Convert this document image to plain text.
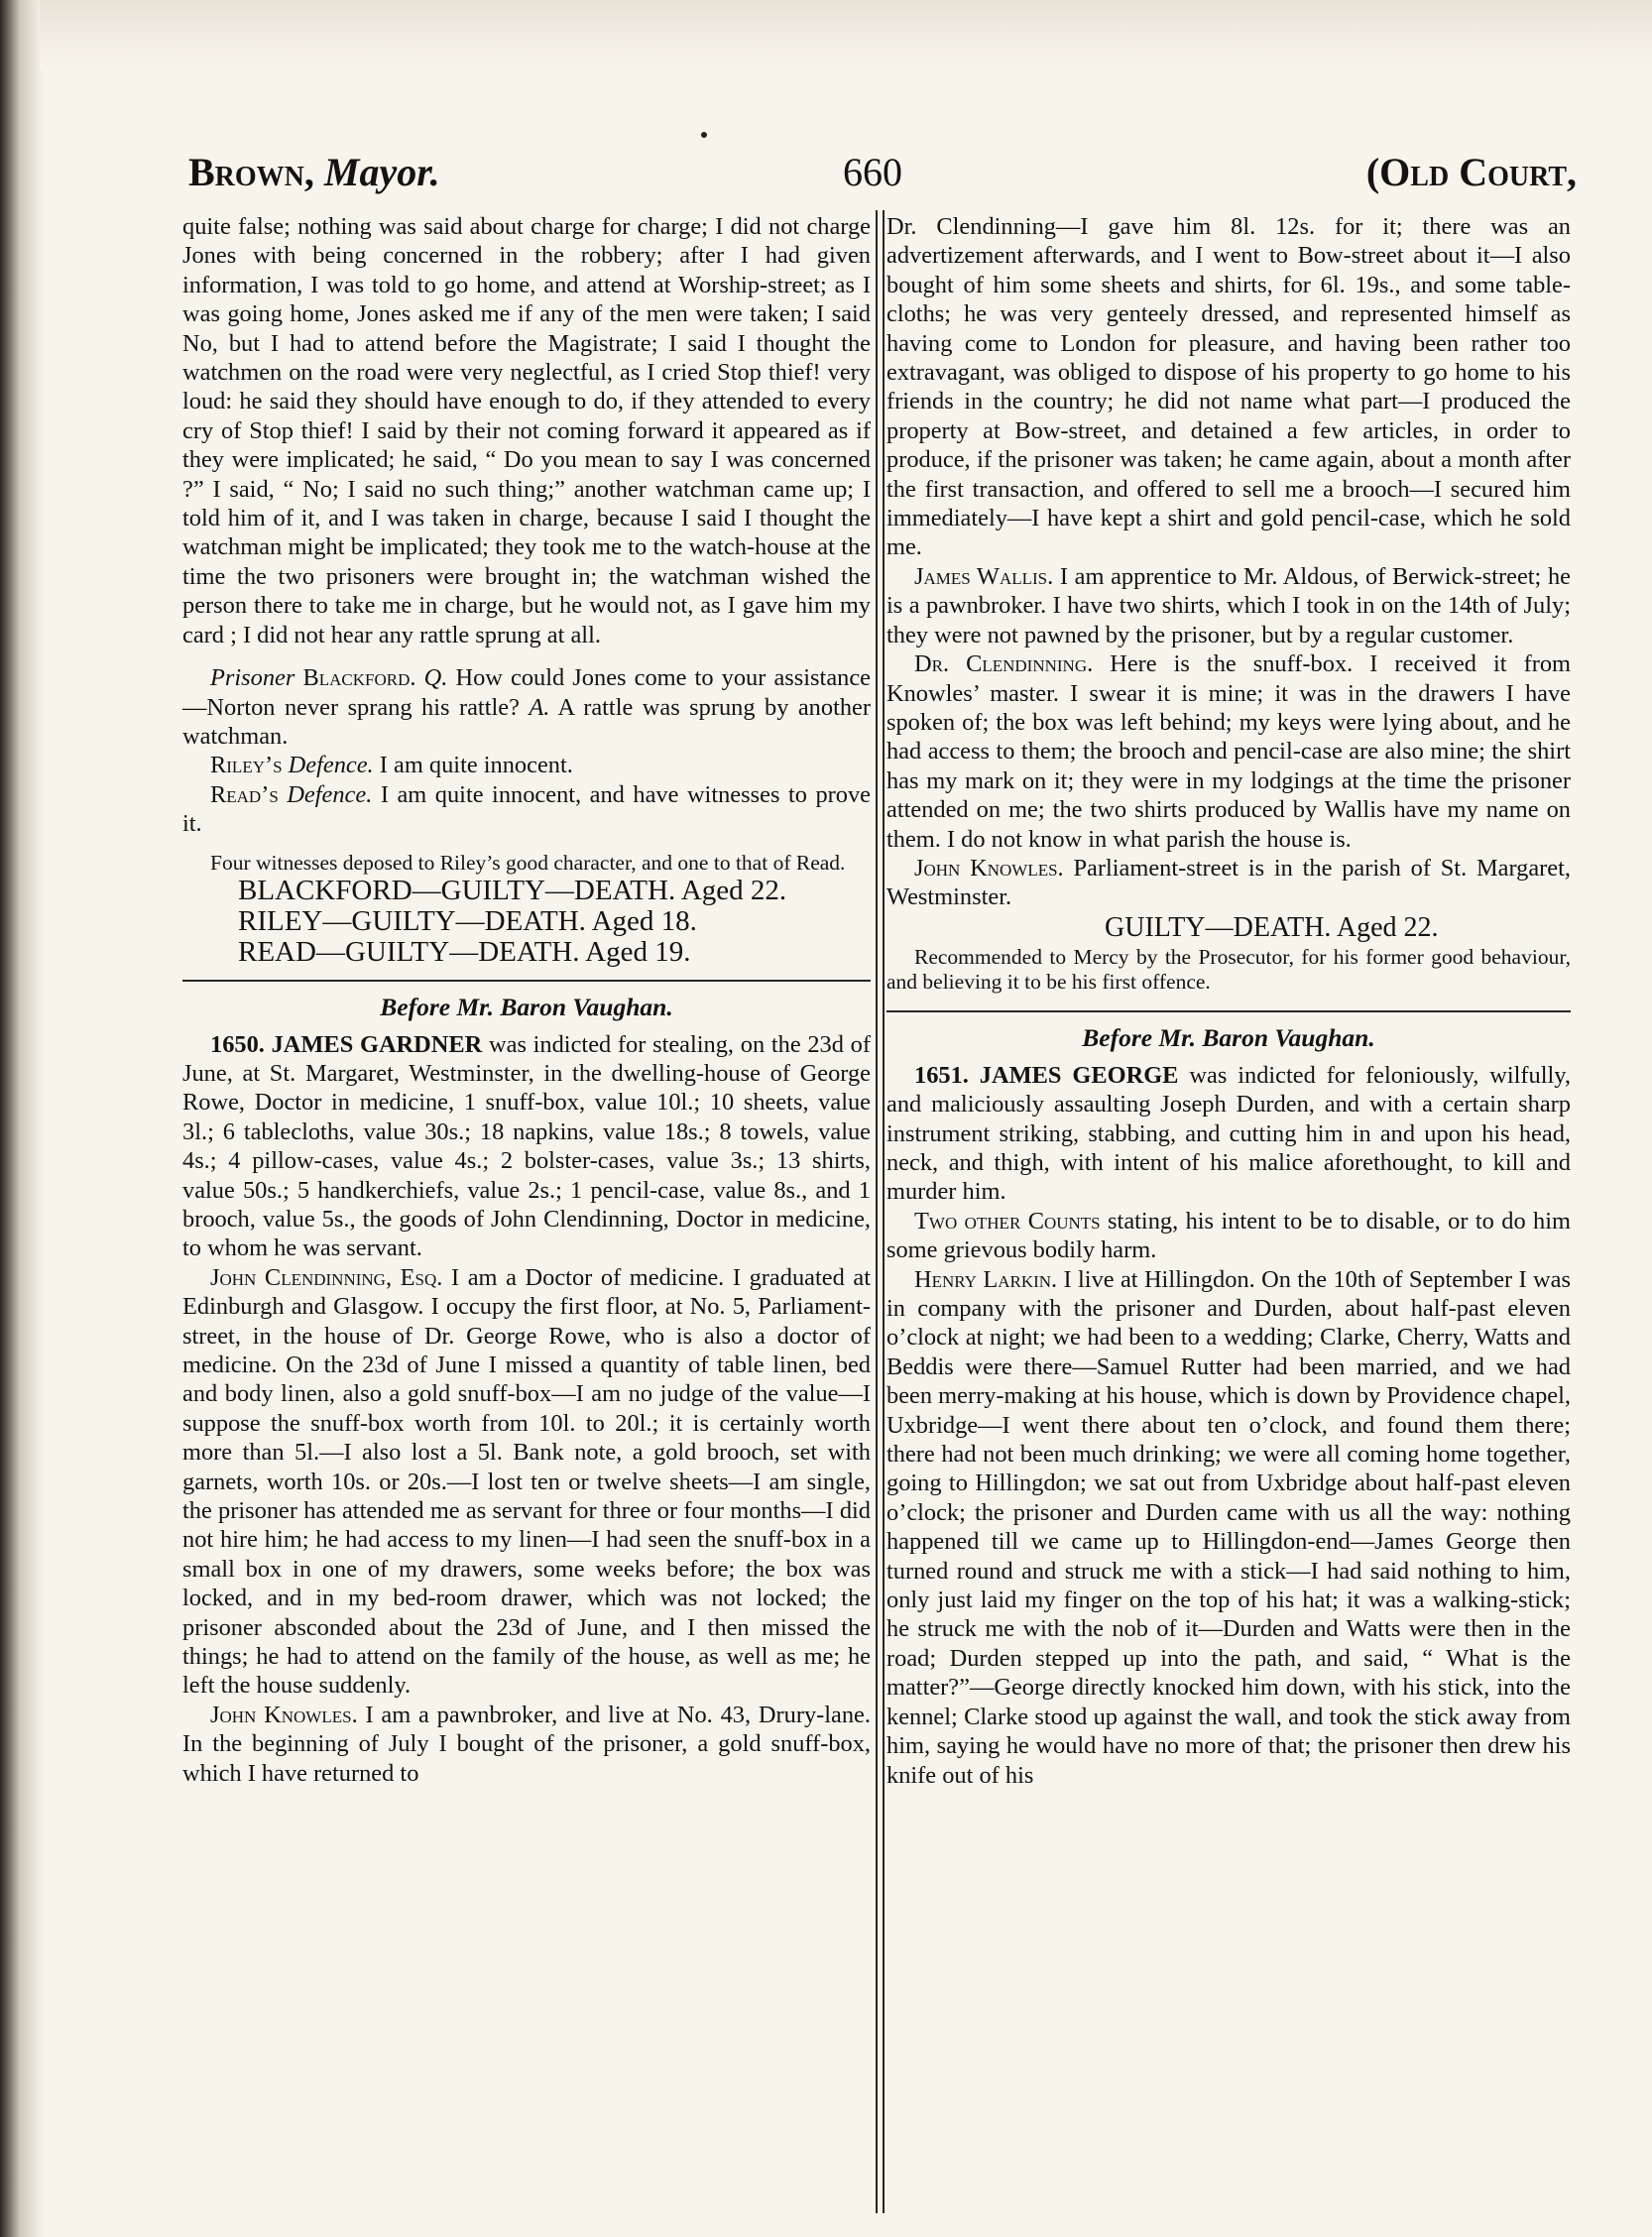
Brown, Mayor.	660	(Old Court,

quite false; nothing was said about charge for charge; I did not charge Jones with being concerned in the robbery; after I had given information, I was told to go home, and attend at Worship-street; as I was going home, Jones asked me if any of the men were taken; I said No, but I had to attend before the Magistrate; I said I thought the watchmen on the road were very neglectful, as I cried Stop thief! very loud: he said they should have enough to do, if they attended to every cry of Stop thief! I said by their not coming forward it appeared as if they were implicated; he said, “ Do you mean to say I was concerned ?” I said, “ No; I said no such thing;” another watchman came up; I told him of it, and I was taken in charge, because I said I thought the watchman might be implicated; they took me to the watch-house at the time the two prisoners were brought in; the watchman wished the person there to take me in charge, but he would not, as I gave him my card ; I did not hear any rattle sprung at all.

Prisoner Blackford. Q. How could Jones come to your assistance—Norton never sprang his rattle? A. A rattle was sprung by another watchman.

Riley’s Defence. I am quite innocent.

Read’s Defence. I am quite innocent, and have witnesses to prove it.

Four witnesses deposed to Riley’s good character, and one to that of Read.

BLACKFORD—GUILTY—DEATH. Aged 22.

RILEY—GUILTY—DEATH. Aged 18.

READ—GUILTY—DEATH. Aged 19.

Before Mr. Baron Vaughan.

1650. JAMES GARDNER was indicted for stealing, on the 23d of June, at St. Margaret, Westminster, in the dwelling-house of George Rowe, Doctor in medicine, 1 snuff-box, value 10l.; 10 sheets, value 3l.; 6 tablecloths, value 30s.; 18 napkins, value 18s.; 8 towels, value 4s.; 4 pillow-cases, value 4s.; 2 bolster-cases, value 3s.; 13 shirts, value 50s.; 5 handkerchiefs, value 2s.; 1 pencil-case, value 8s., and 1 brooch, value 5s., the goods of John Clendinning, Doctor in medicine, to whom he was servant.

John Clendinning, Esq. I am a Doctor of medicine. I graduated at Edinburgh and Glasgow. I occupy the first floor, at No. 5, Parliament-street, in the house of Dr. George Rowe, who is also a doctor of medicine. On the 23d of June I missed a quantity of table linen, bed and body linen, also a gold snuff-box—I am no judge of the value—I suppose the snuff-box worth from 10l. to 20l.; it is certainly worth more than 5l.—I also lost a 5l. Bank note, a gold brooch, set with garnets, worth 10s. or 20s.—I lost ten or twelve sheets—I am single, the prisoner has attended me as servant for three or four months—I did not hire him; he had access to my linen—I had seen the snuff-box in a small box in one of my drawers, some weeks before; the box was locked, and in my bed-room drawer, which was not locked; the prisoner absconded about the 23d of June, and I then missed the things; he had to attend on the family of the house, as well as me; he left the house suddenly.

John Knowles. I am a pawnbroker, and live at No. 43, Drury-lane. In the beginning of July I bought of the prisoner, a gold snuff-box, which I have returned to

Dr. Clendinning—I gave him 8l. 12s. for it; there was an advertizement afterwards, and I went to Bow-street about it—I also bought of him some sheets and shirts, for 6l. 19s., and some table-cloths; he was very genteely dressed, and represented himself as having come to London for pleasure, and having been rather too extravagant, was obliged to dispose of his property to go home to his friends in the country; he did not name what part—I produced the property at Bow-street, and detained a few articles, in order to produce, if the prisoner was taken; he came again, about a month after the first transaction, and offered to sell me a brooch—I secured him immediately—I have kept a shirt and gold pencil-case, which he sold me.

James Wallis. I am apprentice to Mr. Aldous, of Berwick-street; he is a pawnbroker. I have two shirts, which I took in on the 14th of July; they were not pawned by the prisoner, but by a regular customer.

Dr. Clendinning. Here is the snuff-box. I received it from Knowles’ master. I swear it is mine; it was in the drawers I have spoken of; the box was left behind; my keys were lying about, and he had access to them; the brooch and pencil-case are also mine; the shirt has my mark on it; they were in my lodgings at the time the prisoner attended on me; the two shirts produced by Wallis have my name on them. I do not know in what parish the house is.

John Knowles. Parliament-street is in the parish of St. Margaret, Westminster.

GUILTY—DEATH. Aged 22.

Recommended to Mercy by the Prosecutor, for his former good behaviour, and believing it to be his first offence.

Before Mr. Baron Vaughan.

1651. JAMES GEORGE was indicted for feloniously, wilfully, and maliciously assaulting Joseph Durden, and with a certain sharp instrument striking, stabbing, and cutting him in and upon his head, neck, and thigh, with intent of his malice aforethought, to kill and murder him.

Two other Counts stating, his intent to be to disable, or to do him some grievous bodily harm.

Henry Larkin. I live at Hillingdon. On the 10th of September I was in company with the prisoner and Durden, about half-past eleven o’clock at night; we had been to a wedding; Clarke, Cherry, Watts and Beddis were there—Samuel Rutter had been married, and we had been merry-making at his house, which is down by Providence chapel, Uxbridge—I went there about ten o’clock, and found them there; there had not been much drinking; we were all coming home together, going to Hillingdon; we sat out from Uxbridge about half-past eleven o’clock; the prisoner and Durden came with us all the way: nothing happened till we came up to Hillingdon-end—James George then turned round and struck me with a stick—I had said nothing to him, only just laid my finger on the top of his hat; it was a walking-stick; he struck me with the nob of it—Durden and Watts were then in the road; Durden stepped up into the path, and said, “ What is the matter?”—George directly knocked him down, with his stick, into the kennel; Clarke stood up against the wall, and took the stick away from him, saying he would have no more of that; the prisoner then drew his knife out of his
